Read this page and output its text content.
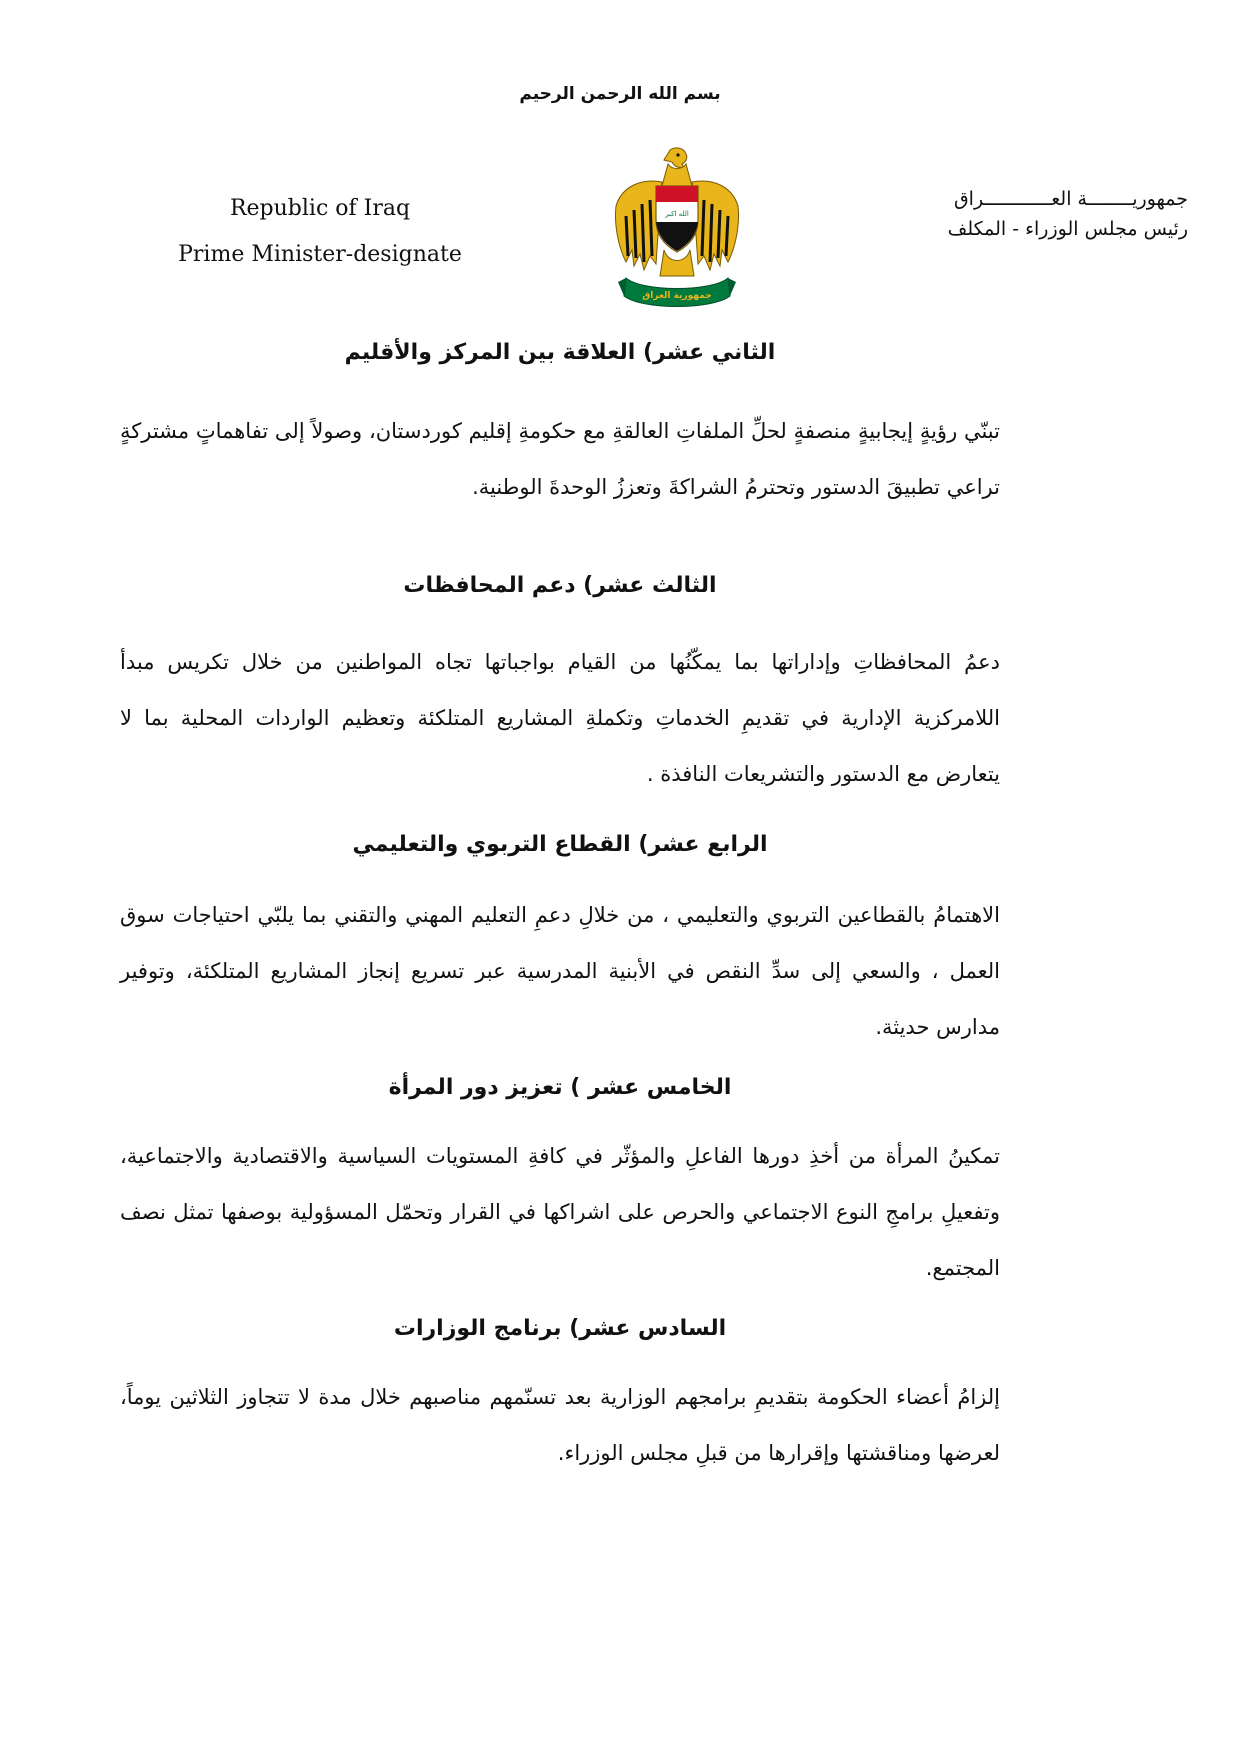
بسم الله الرحمن الرحيم
Republic of Iraq
Prime Minister-designate
جمهوريــــــــة العــــــــــــراق
رئيس مجلس الوزراء - المكلف
الله اكبر
جمهورية العراق
الثاني عشر) العلاقة بين المركز والأقليم

تبنّي رؤيةٍ إيجابيةٍ منصفةٍ لحلِّ الملفاتِ العالقةِ مع حكومةِ إقليم كوردستان، وصولاً إلى تفاهماتٍ مشتركةٍ تراعي تطبيقَ الدستور وتحترمُ الشراكةَ وتعززُ الوحدةَ الوطنية.

الثالث عشر) دعم المحافظات

دعمُ المحافظاتِ وإداراتها بما يمكّنُها من القيام بواجباتها تجاه المواطنين من خلال تكريس مبدأ اللامركزية الإدارية في تقديمِ الخدماتِ وتكملةِ المشاريع المتلكئة وتعظيم الواردات المحلية بما لا يتعارض مع الدستور والتشريعات النافذة .

الرابع عشر) القطاع التربوي والتعليمي

الاهتمامُ بالقطاعين التربوي والتعليمي ، من خلالِ دعمِ التعليم المهني والتقني بما يلبّي احتياجات سوق العمل ، والسعي إلى سدِّ النقص في الأبنية المدرسية عبر تسريع إنجاز المشاريع المتلكئة، وتوفير مدارس حديثة.

الخامس عشر ) تعزيز دور المرأة

تمكينُ المرأة من أخذِ دورها الفاعلِ والمؤثّر في كافةِ المستويات السياسية والاقتصادية والاجتماعية، وتفعيلِ برامجِ النوع الاجتماعي والحرص على اشراكها في القرار وتحمّل المسؤولية بوصفها تمثل نصف المجتمع.

السادس عشر) برنامج الوزارات

إلزامُ أعضاء الحكومة بتقديمِ برامجهم الوزارية بعد تسنّمهم مناصبهم خلال مدة لا تتجاوز الثلاثين يوماً، لعرضها ومناقشتها وإقرارها من قبلِ مجلس الوزراء.
